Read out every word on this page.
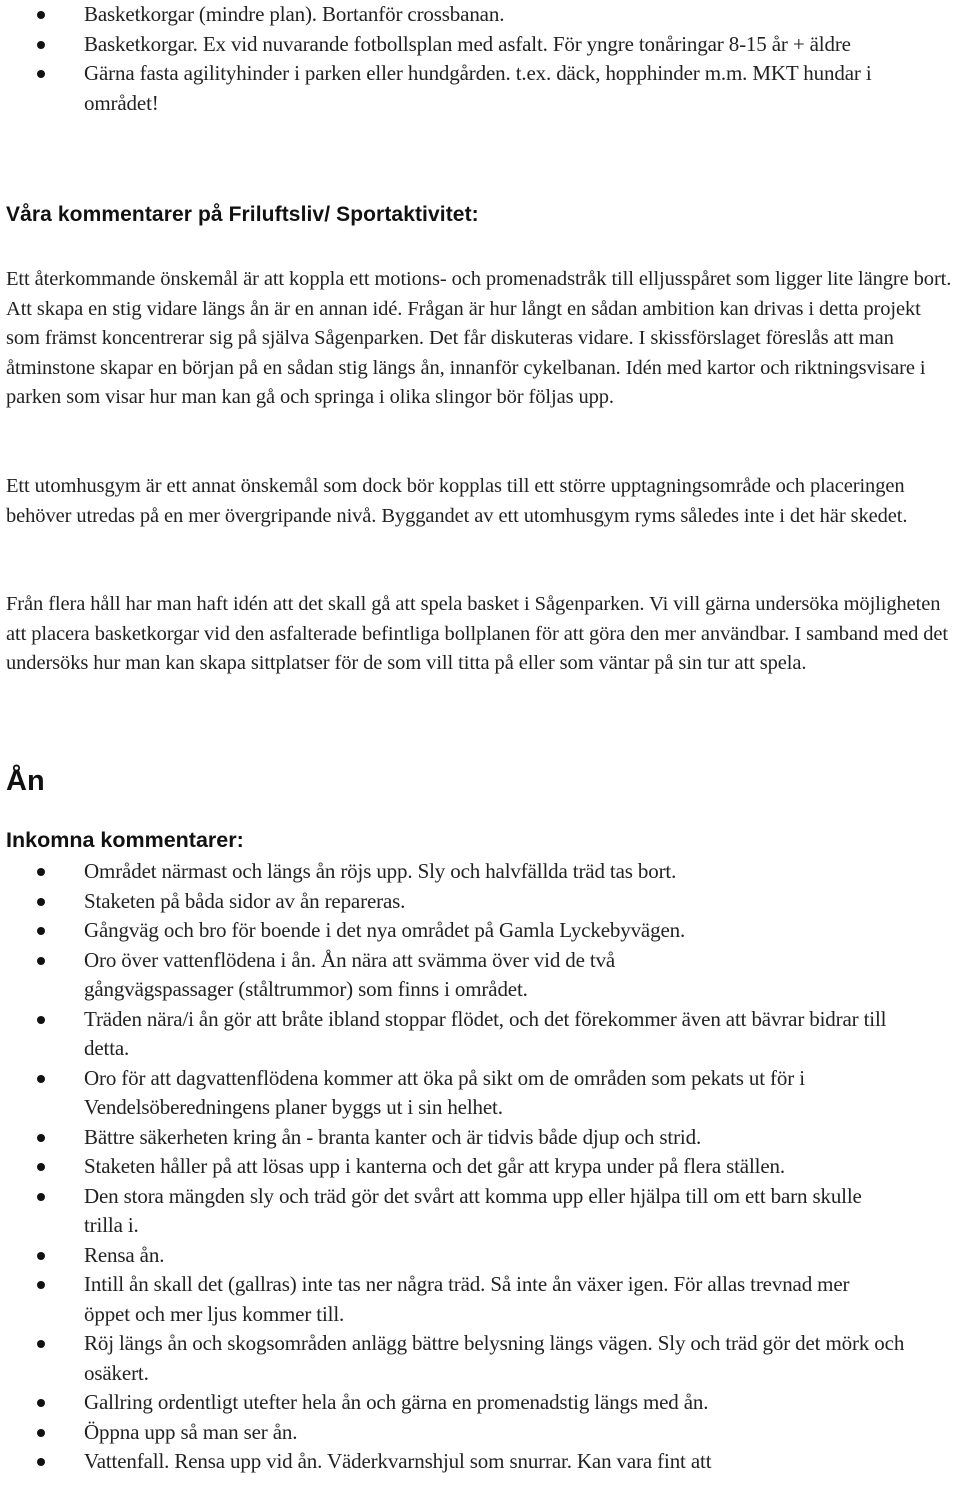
Basketkorgar (mindre plan). Bortanför crossbanan.
Basketkorgar. Ex vid nuvarande fotbollsplan med asfalt. För yngre tonåringar 8-15 år + äldre
Gärna fasta agilityhinder i parken eller hundgården. t.ex. däck, hopphinder m.m. MKT hundar i området!
Våra kommentarer på Friluftsliv/ Sportaktivitet:

Ett återkommande önskemål är att koppla ett motions- och promenadstråk till elljusspåret som ligger lite längre bort. Att skapa en stig vidare längs ån är en annan idé. Frågan är hur långt en sådan ambition kan drivas i detta projekt som främst koncentrerar sig på själva Sågenparken. Det får diskuteras vidare. I skissförslaget föreslås att man åtminstone skapar en början på en sådan stig längs ån, innanför cykelbanan. Idén med kartor och riktningsvisare i parken som visar hur man kan gå och springa i olika slingor bör följas upp.

Ett utomhusgym är ett annat önskemål som dock bör kopplas till ett större upptagningsområde och placeringen behöver utredas på en mer övergripande nivå. Byggandet av ett utomhusgym ryms således inte i det här skedet.

Från flera håll har man haft idén att det skall gå att spela basket i Sågenparken. Vi vill gärna undersöka möjligheten att placera basketkorgar vid den asfalterade befintliga bollplanen för att göra den mer användbar. I samband med det undersöks hur man kan skapa sittplatser för de som vill titta på eller som väntar på sin tur att spela.

Ån
Inkomna kommentarer:
Området närmast och längs ån röjs upp. Sly och halvfällda träd tas bort.
Staketen på båda sidor av ån repareras.
Gångväg och bro för boende i det nya området på Gamla Lyckebyvägen.
Oro över vattenflödena i ån. Ån nära att svämma över vid de två gångvägspassager (ståltrummor) som finns i området.
Träden nära/i ån gör att bråte ibland stoppar flödet, och det förekommer även att bävrar bidrar till detta.
Oro för att dagvattenflödena kommer att öka på sikt om de områden som pekats ut för i Vendelsöberedningens planer byggs ut i sin helhet.
Bättre säkerheten kring ån - branta kanter och är tidvis både djup och strid.
Staketen håller på att lösas upp i kanterna och det går att krypa under på flera ställen.
Den stora mängden sly och träd gör det svårt att komma upp eller hjälpa till om ett barn skulle trilla i.
Rensa ån.
Intill ån skall det (gallras) inte tas ner några träd. Så inte ån växer igen. För allas trevnad mer öppet och mer ljus kommer till.
Röj längs ån och skogsområden anlägg bättre belysning längs vägen. Sly och träd gör det mörk och osäkert.
Gallring ordentligt utefter hela ån och gärna en promenadstig längs med ån.
Öppna upp så man ser ån.
Vattenfall. Rensa upp vid ån. Väderkvarnshjul som snurrar. Kan vara fint att
